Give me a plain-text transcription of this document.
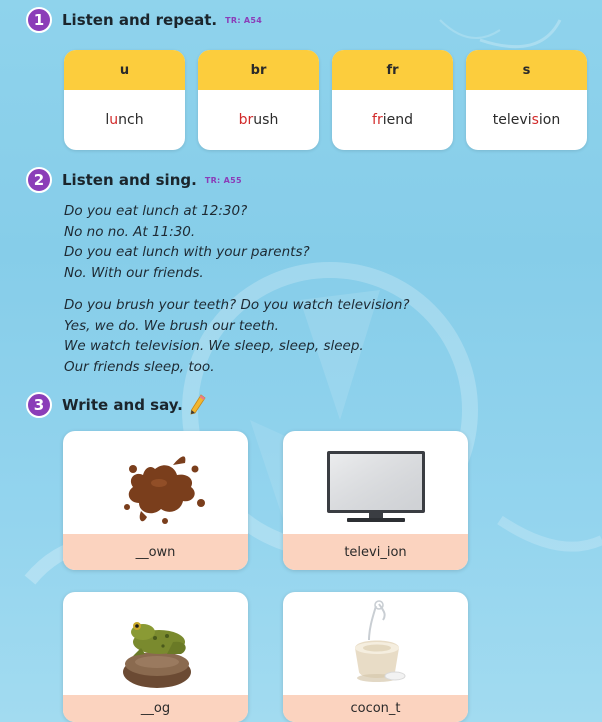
1	Listen and repeat. TR: A54
u
l u nch
br
br ush
fr
fr iend
s
televi s ion
2	Listen and sing. TR: A55
Do you eat lunch at 12:30?
No no no. At 11:30.
Do you eat lunch with your parents?
No. With our friends.
Do you brush your teeth? Do you watch television?
Yes, we do. We brush our teeth.
We watch television. We sleep, sleep, sleep.
Our friends sleep, too.
3	Write and say.
__own	televi_ion
__og	cocon_t
